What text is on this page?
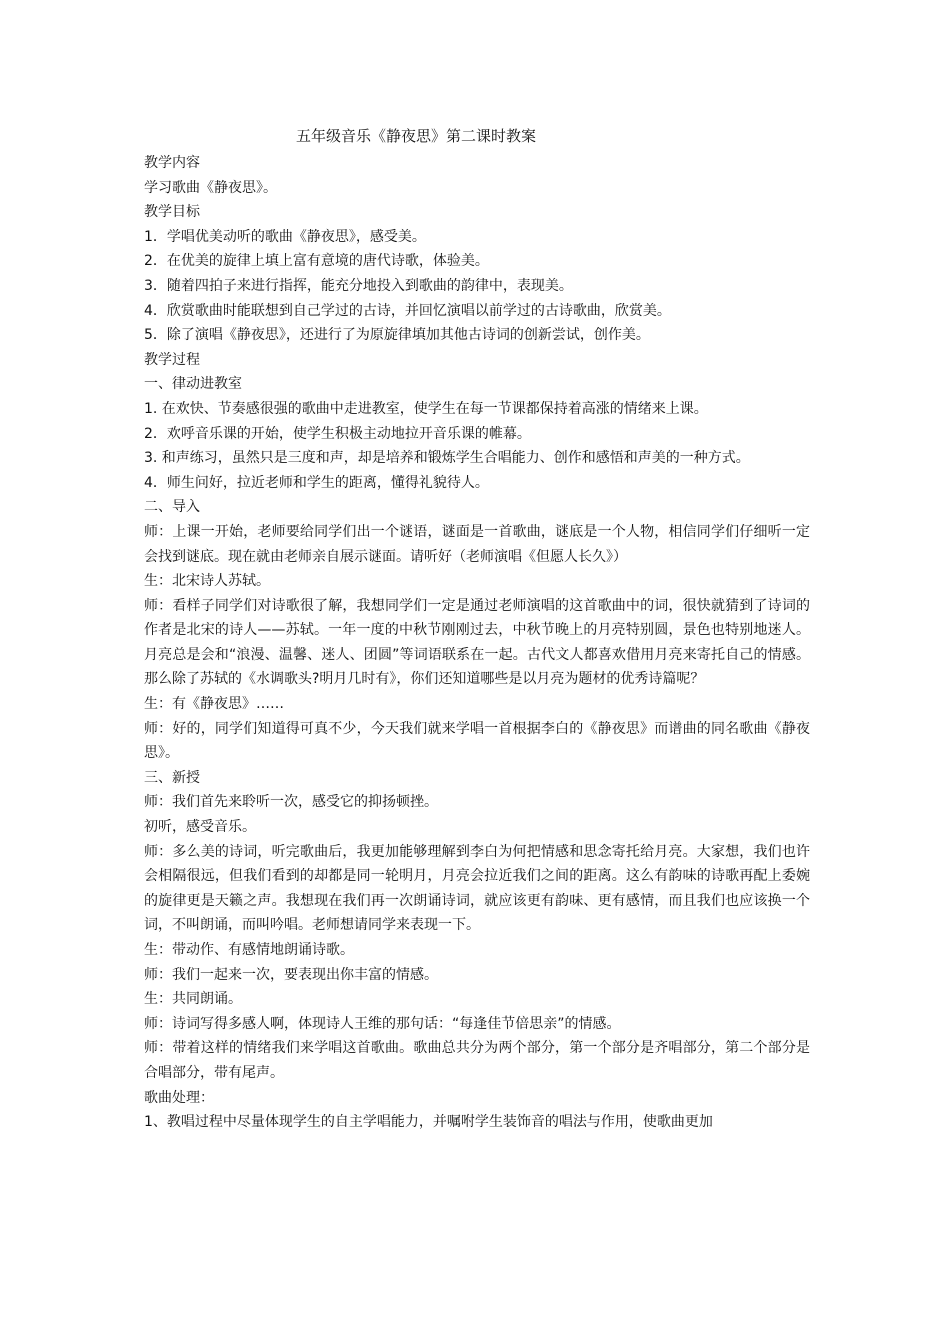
五年级音乐《静夜思》第二课时教案
教学内容

学习歌曲《静夜思》。

教学目标

1．学唱优美动听的歌曲《静夜思》，感受美。

2．在优美的旋律上填上富有意境的唐代诗歌，体验美。

3．随着四拍子来进行指挥，能充分地投入到歌曲的韵律中，表现美。

4．欣赏歌曲时能联想到自己学过的古诗，并回忆演唱以前学过的古诗歌曲，欣赏美。

5．除了演唱《静夜思》，还进行了为原旋律填加其他古诗词的创新尝试，创作美。

教学过程
一、律动进教室

1. 在欢快、节奏感很强的歌曲中走进教室，使学生在每一节课都保持着高涨的情绪来上课。

2．欢呼音乐课的开始，使学生积极主动地拉开音乐课的帷幕。

3. 和声练习，虽然只是三度和声，却是培养和锻炼学生合唱能力、创作和感悟和声美的一种方式。

4．师生问好，拉近老师和学生的距离，懂得礼貌待人。

二、导入

师：上课一开始，老师要给同学们出一个谜语，谜面是一首歌曲，谜底是一个人物，相信同学们仔细听一定会找到谜底。现在就由老师亲自展示谜面。请听好（老师演唱《但愿人长久》）

生：北宋诗人苏轼。

师：看样子同学们对诗歌很了解，我想同学们一定是通过老师演唱的这首歌曲中的词，很快就猜到了诗词的作者是北宋的诗人——苏轼。一年一度的中秋节刚刚过去，中秋节晚上的月亮特别圆，景色也特别地迷人。月亮总是会和“浪漫、温馨、迷人、团圆”等词语联系在一起。古代文人都喜欢借用月亮来寄托自己的情感。那么除了苏轼的《水调歌头?明月几时有》，你们还知道哪些是以月亮为题材的优秀诗篇呢？

生：有《静夜思》……

师：好的，同学们知道得可真不少，今天我们就来学唱一首根据李白的《静夜思》而谱曲的同名歌曲《静夜思》。

三、新授

师：我们首先来聆听一次，感受它的抑扬顿挫。

初听，感受音乐。

师：多么美的诗词，听完歌曲后，我更加能够理解到李白为何把情感和思念寄托给月亮。大家想，我们也许会相隔很远，但我们看到的却都是同一轮明月，月亮会拉近我们之间的距离。这么有韵味的诗歌再配上委婉的旋律更是天籁之声。我想现在我们再一次朗诵诗词，就应该更有韵味、更有感情，而且我们也应该换一个词，不叫朗诵，而叫吟唱。老师想请同学来表现一下。

生：带动作、有感情地朗诵诗歌。

师：我们一起来一次，要表现出你丰富的情感。

生：共同朗诵。

师：诗词写得多感人啊，体现诗人王维的那句话：“每逢佳节倍思亲”的情感。

师：带着这样的情绪我们来学唱这首歌曲。歌曲总共分为两个部分，第一个部分是齐唱部分，第二个部分是合唱部分，带有尾声。

歌曲处理：

1、教唱过程中尽量体现学生的自主学唱能力，并嘱咐学生装饰音的唱法与作用，使歌曲更加
